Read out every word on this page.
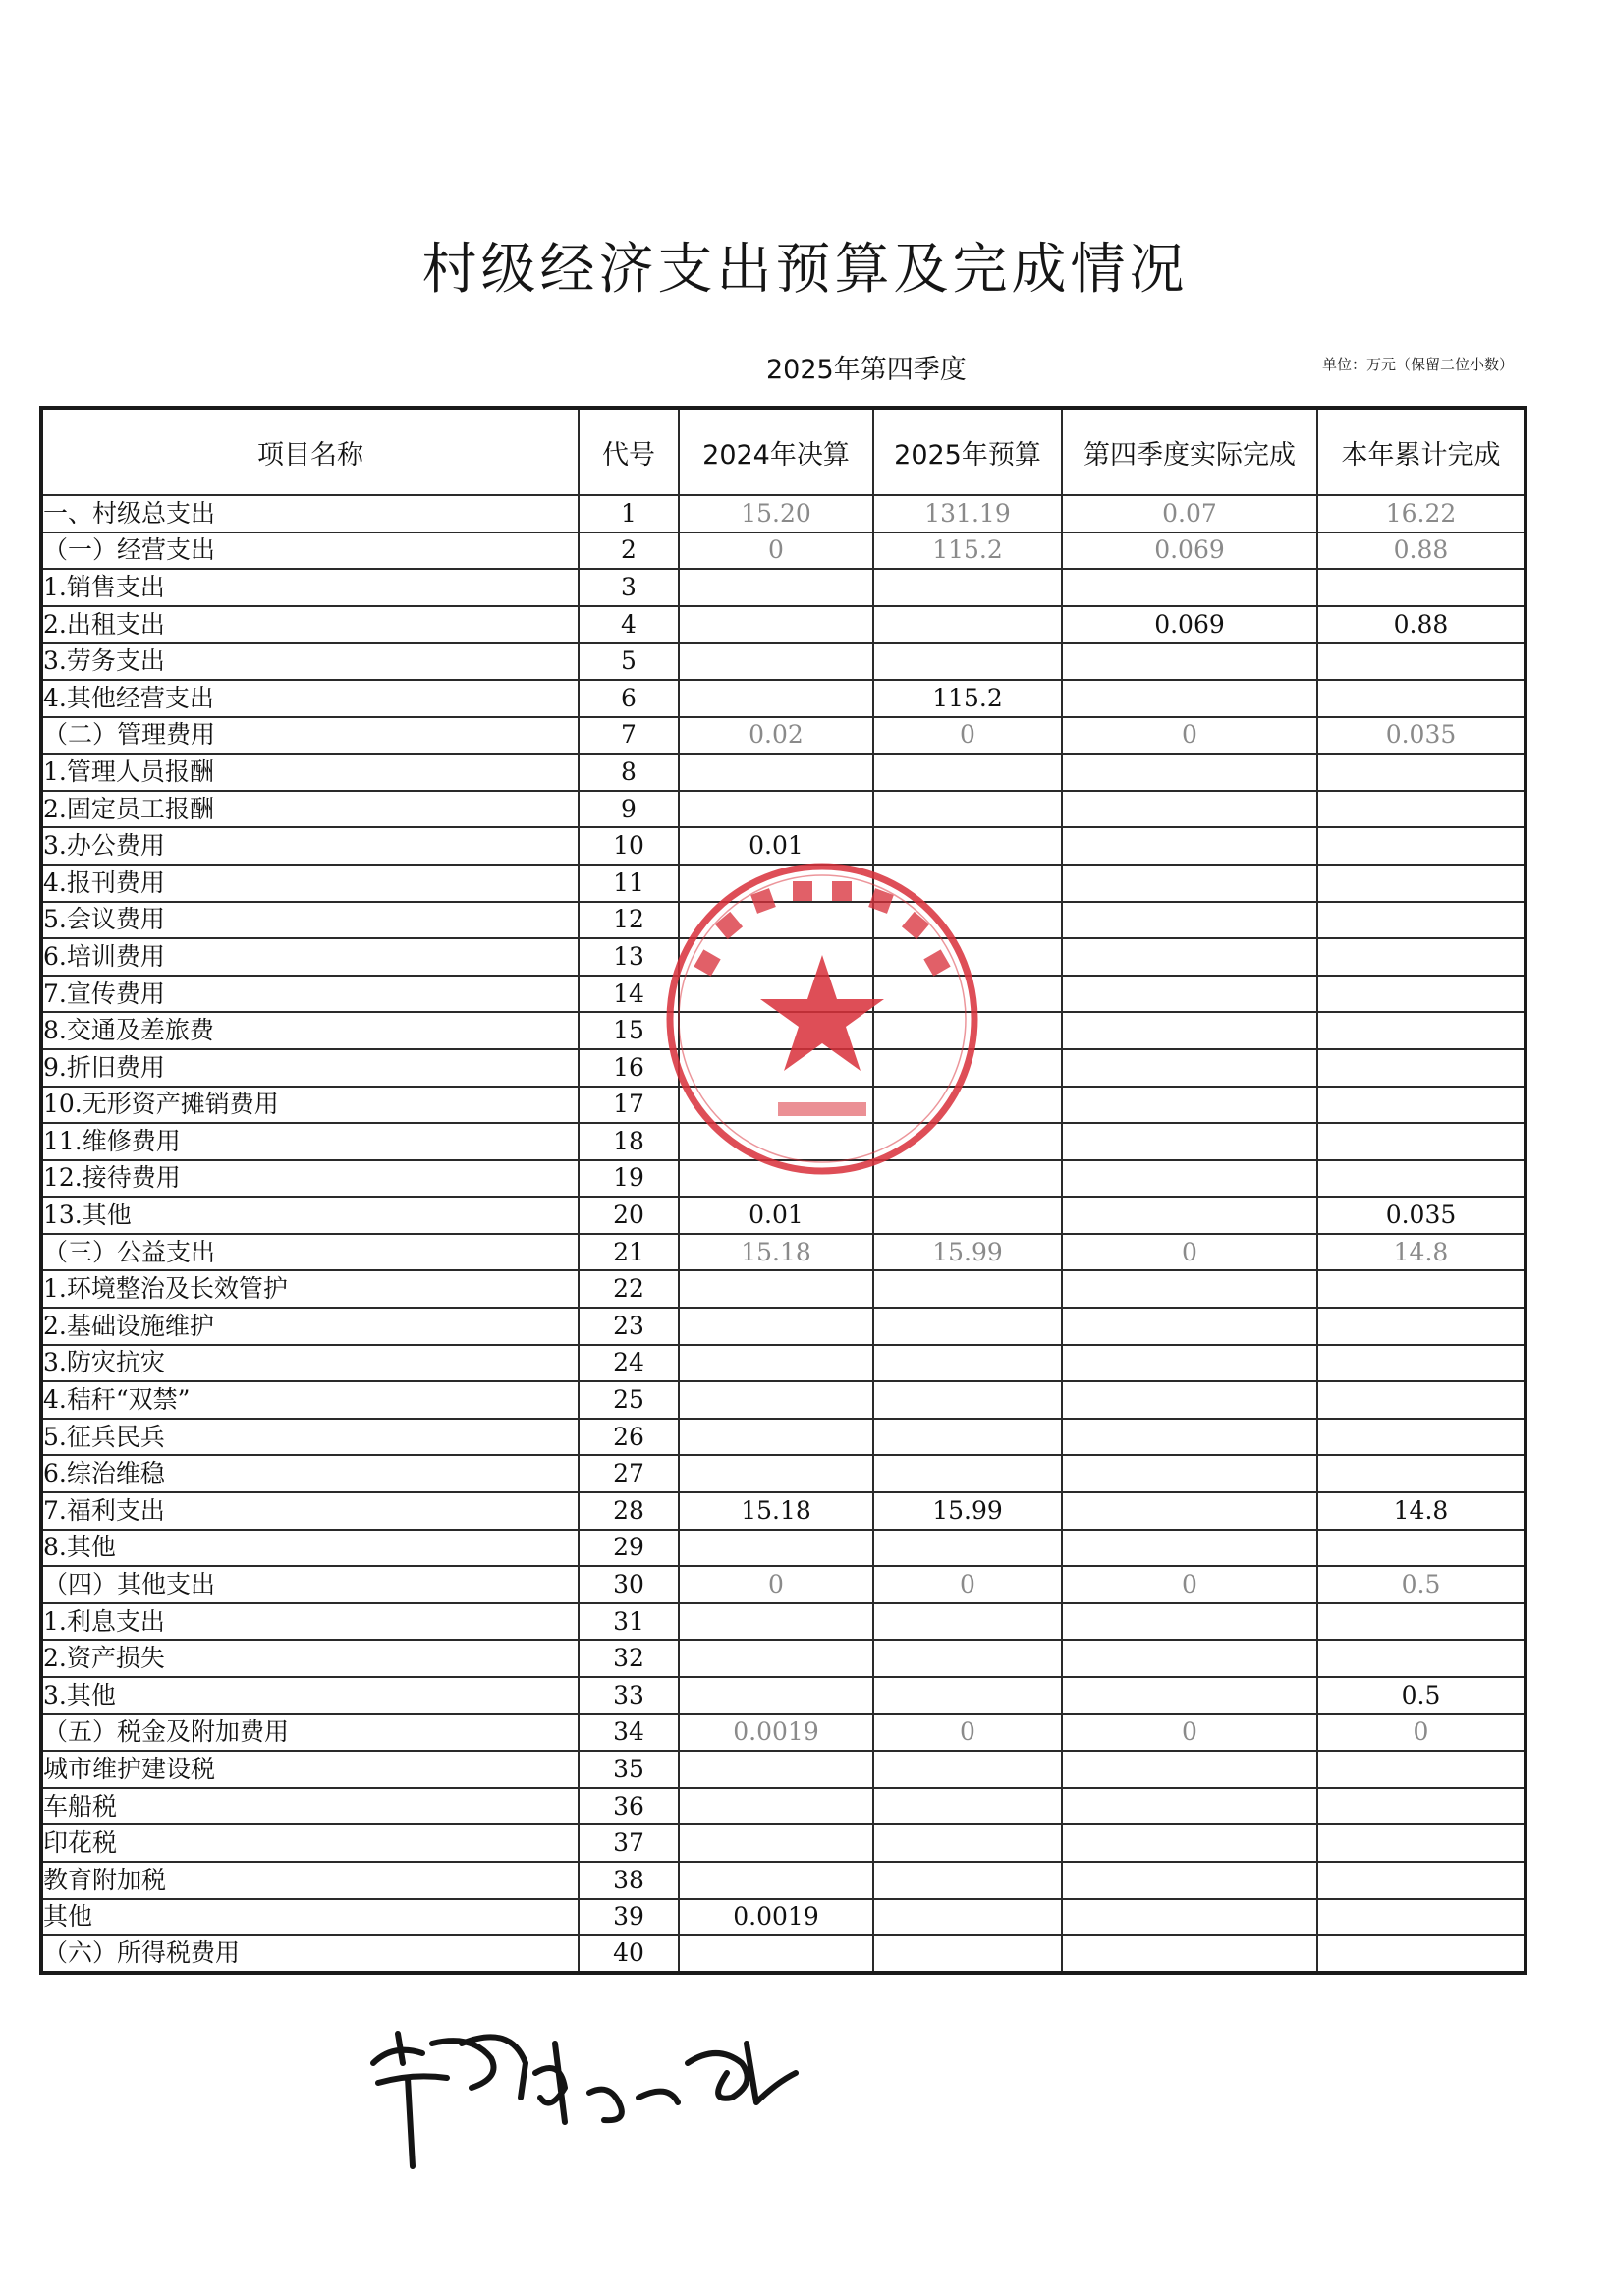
村级经济支出预算及完成情况
2025年第四季度	单位：万元（保留二位小数）
项目名称	代号	2024年决算	2025年预算	第四季度实际完成	本年累计完成
一、村级总支出	1	15.20	131.19	0.07	16.22
（一）经营支出	2	0	115.2	0.069	0.88
1.销售支出	3				
2.出租支出	4			0.069	0.88
3.劳务支出	5				
4.其他经营支出	6		115.2		
（二）管理费用	7	0.02	0	0	0.035
1.管理人员报酬	8				
2.固定员工报酬	9				
3.办公费用	10	0.01			
4.报刊费用	11				
5.会议费用	12				
6.培训费用	13				
7.宣传费用	14				
8.交通及差旅费	15				
9.折旧费用	16				
10.无形资产摊销费用	17				
11.维修费用	18				
12.接待费用	19				
13.其他	20	0.01			0.035
（三）公益支出	21	15.18	15.99	0	14.8
1.环境整治及长效管护	22				
2.基础设施维护	23				
3.防灾抗灾	24				
4.秸秆“双禁”	25				
5.征兵民兵	26				
6.综治维稳	27				
7.福利支出	28	15.18	15.99		14.8
8.其他	29				
（四）其他支出	30	0	0	0	0.5
1.利息支出	31				
2.资产损失	32				
3.其他	33				0.5
（五）税金及附加费用	34	0.0019	0	0	0
城市维护建设税	35				
车船税	36				
印花税	37				
教育附加税	38				
其他	39	0.0019			
（六）所得税费用	40				
